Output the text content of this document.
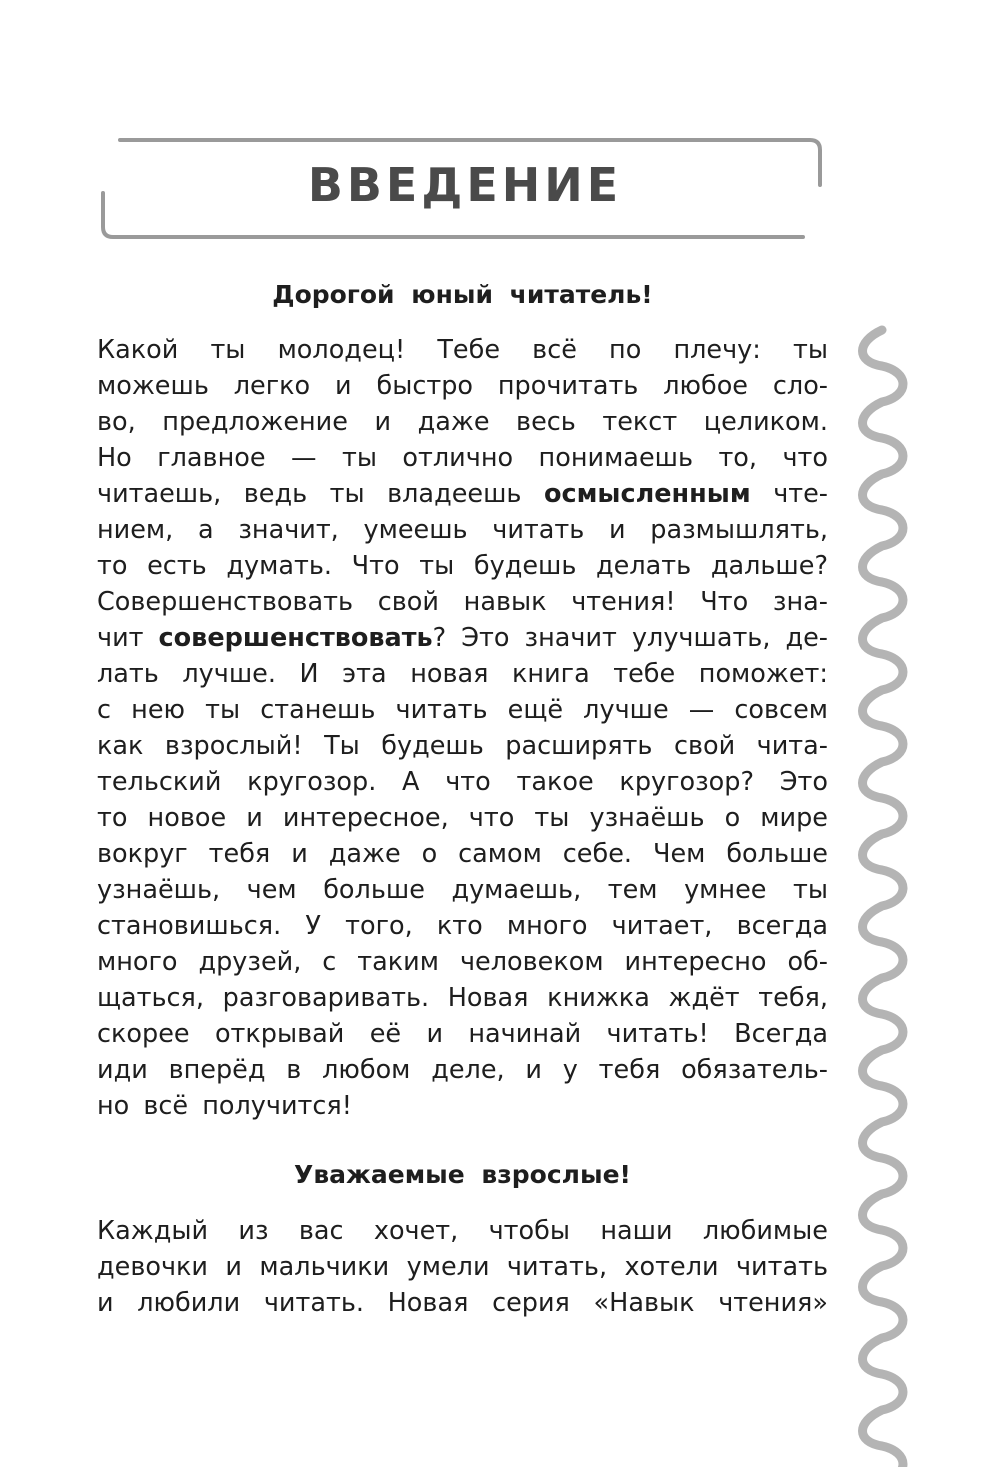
ВВЕДЕНИЕ
Дорогой юный читатель!
Какой ты молодец! Тебе всё по плечу: ты
можешь легко и быстро прочитать любое сло-
во, предложение и даже весь текст целиком.
Но главное — ты отлично понимаешь то, что
читаешь, ведь ты владеешь осмысленным чте-
нием, а значит, умеешь читать и размышлять,
то есть думать. Что ты будешь делать дальше?
Совершенствовать свой навык чтения! Что зна-
чит совершенствовать? Это значит улучшать, де-
лать лучше. И эта новая книга тебе поможет:
с нею ты станешь читать ещё лучше — совсем
как взрослый! Ты будешь расширять свой чита-
тельский кругозор. А что такое кругозор? Это
то новое и интересное, что ты узнаёшь о мире
вокруг тебя и даже о самом себе. Чем больше
узнаёшь, чем больше думаешь, тем умнее ты
становишься. У того, кто много читает, всегда
много друзей, с таким человеком интересно об-
щаться, разговаривать. Новая книжка ждёт тебя,
скорее открывай её и начинай читать! Всегда
иди вперёд в любом деле, и у тебя обязатель-
но всё получится!
Уважаемые взрослые!
Каждый из вас хочет, чтобы наши любимые
девочки и мальчики умели читать, хотели читать
и любили читать. Новая серия «Навык чтения»
